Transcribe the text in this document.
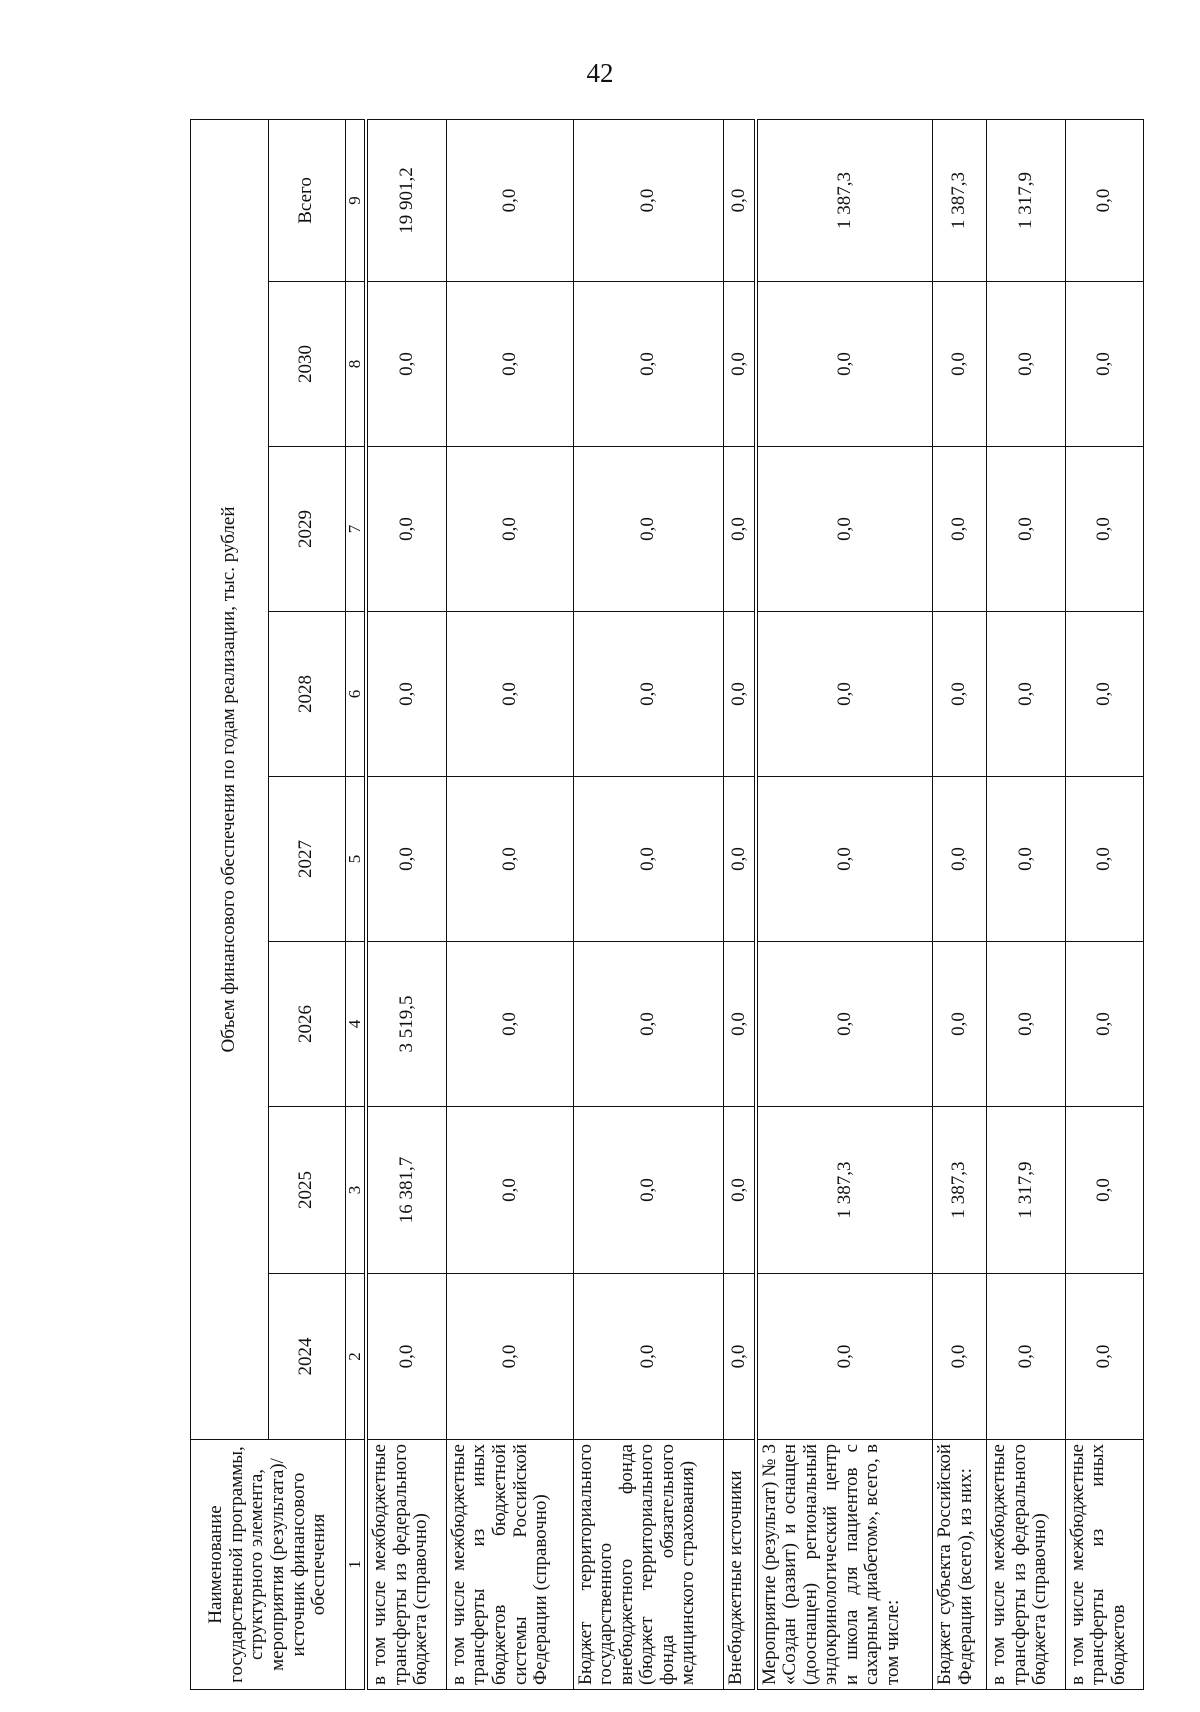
42
Наименование государственной программы, структурного элемента, мероприятия (результата)/источник финансового обеспечения	Объем финансового обеспечения по годам реализации, тыс. рублей							
	2024	2025	2026	2027	2028	2029	2030	Всего
1	2	3	4	5	6	7	8	9
в том числе межбюджетные трансферты из федерального бюджета (справочно)	0,0	16 381,7	3 519,5	0,0	0,0	0,0	0,0	19 901,2
в том числе межбюджетные трансферты из иных бюджетов бюджетной системы Российской Федерации (справочно)	0,0	0,0	0,0	0,0	0,0	0,0	0,0	0,0
Бюджет территориального государственного внебюджетного фонда (бюджет территориального фонда обязательного медицинского страхования)	0,0	0,0	0,0	0,0	0,0	0,0	0,0	0,0
Внебюджетные источники	0,0	0,0	0,0	0,0	0,0	0,0	0,0	0,0
Мероприятие (результат) № 3 «Создан (развит) и оснащен (дооснащен) региональный эндокринологический центр и школа для пациентов с сахарным диабетом», всего, в том числе:	0,0	1 387,3	0,0	0,0	0,0	0,0	0,0	1 387,3
Бюджет субъекта Российской Федерации (всего), из них:	0,0	1 387,3	0,0	0,0	0,0	0,0	0,0	1 387,3
в том числе межбюджетные трансферты из федерального бюджета (справочно)	0,0	1 317,9	0,0	0,0	0,0	0,0	0,0	1 317,9
в том числе межбюджетные трансферты из иных бюджетов	0,0	0,0	0,0	0,0	0,0	0,0	0,0	0,0
